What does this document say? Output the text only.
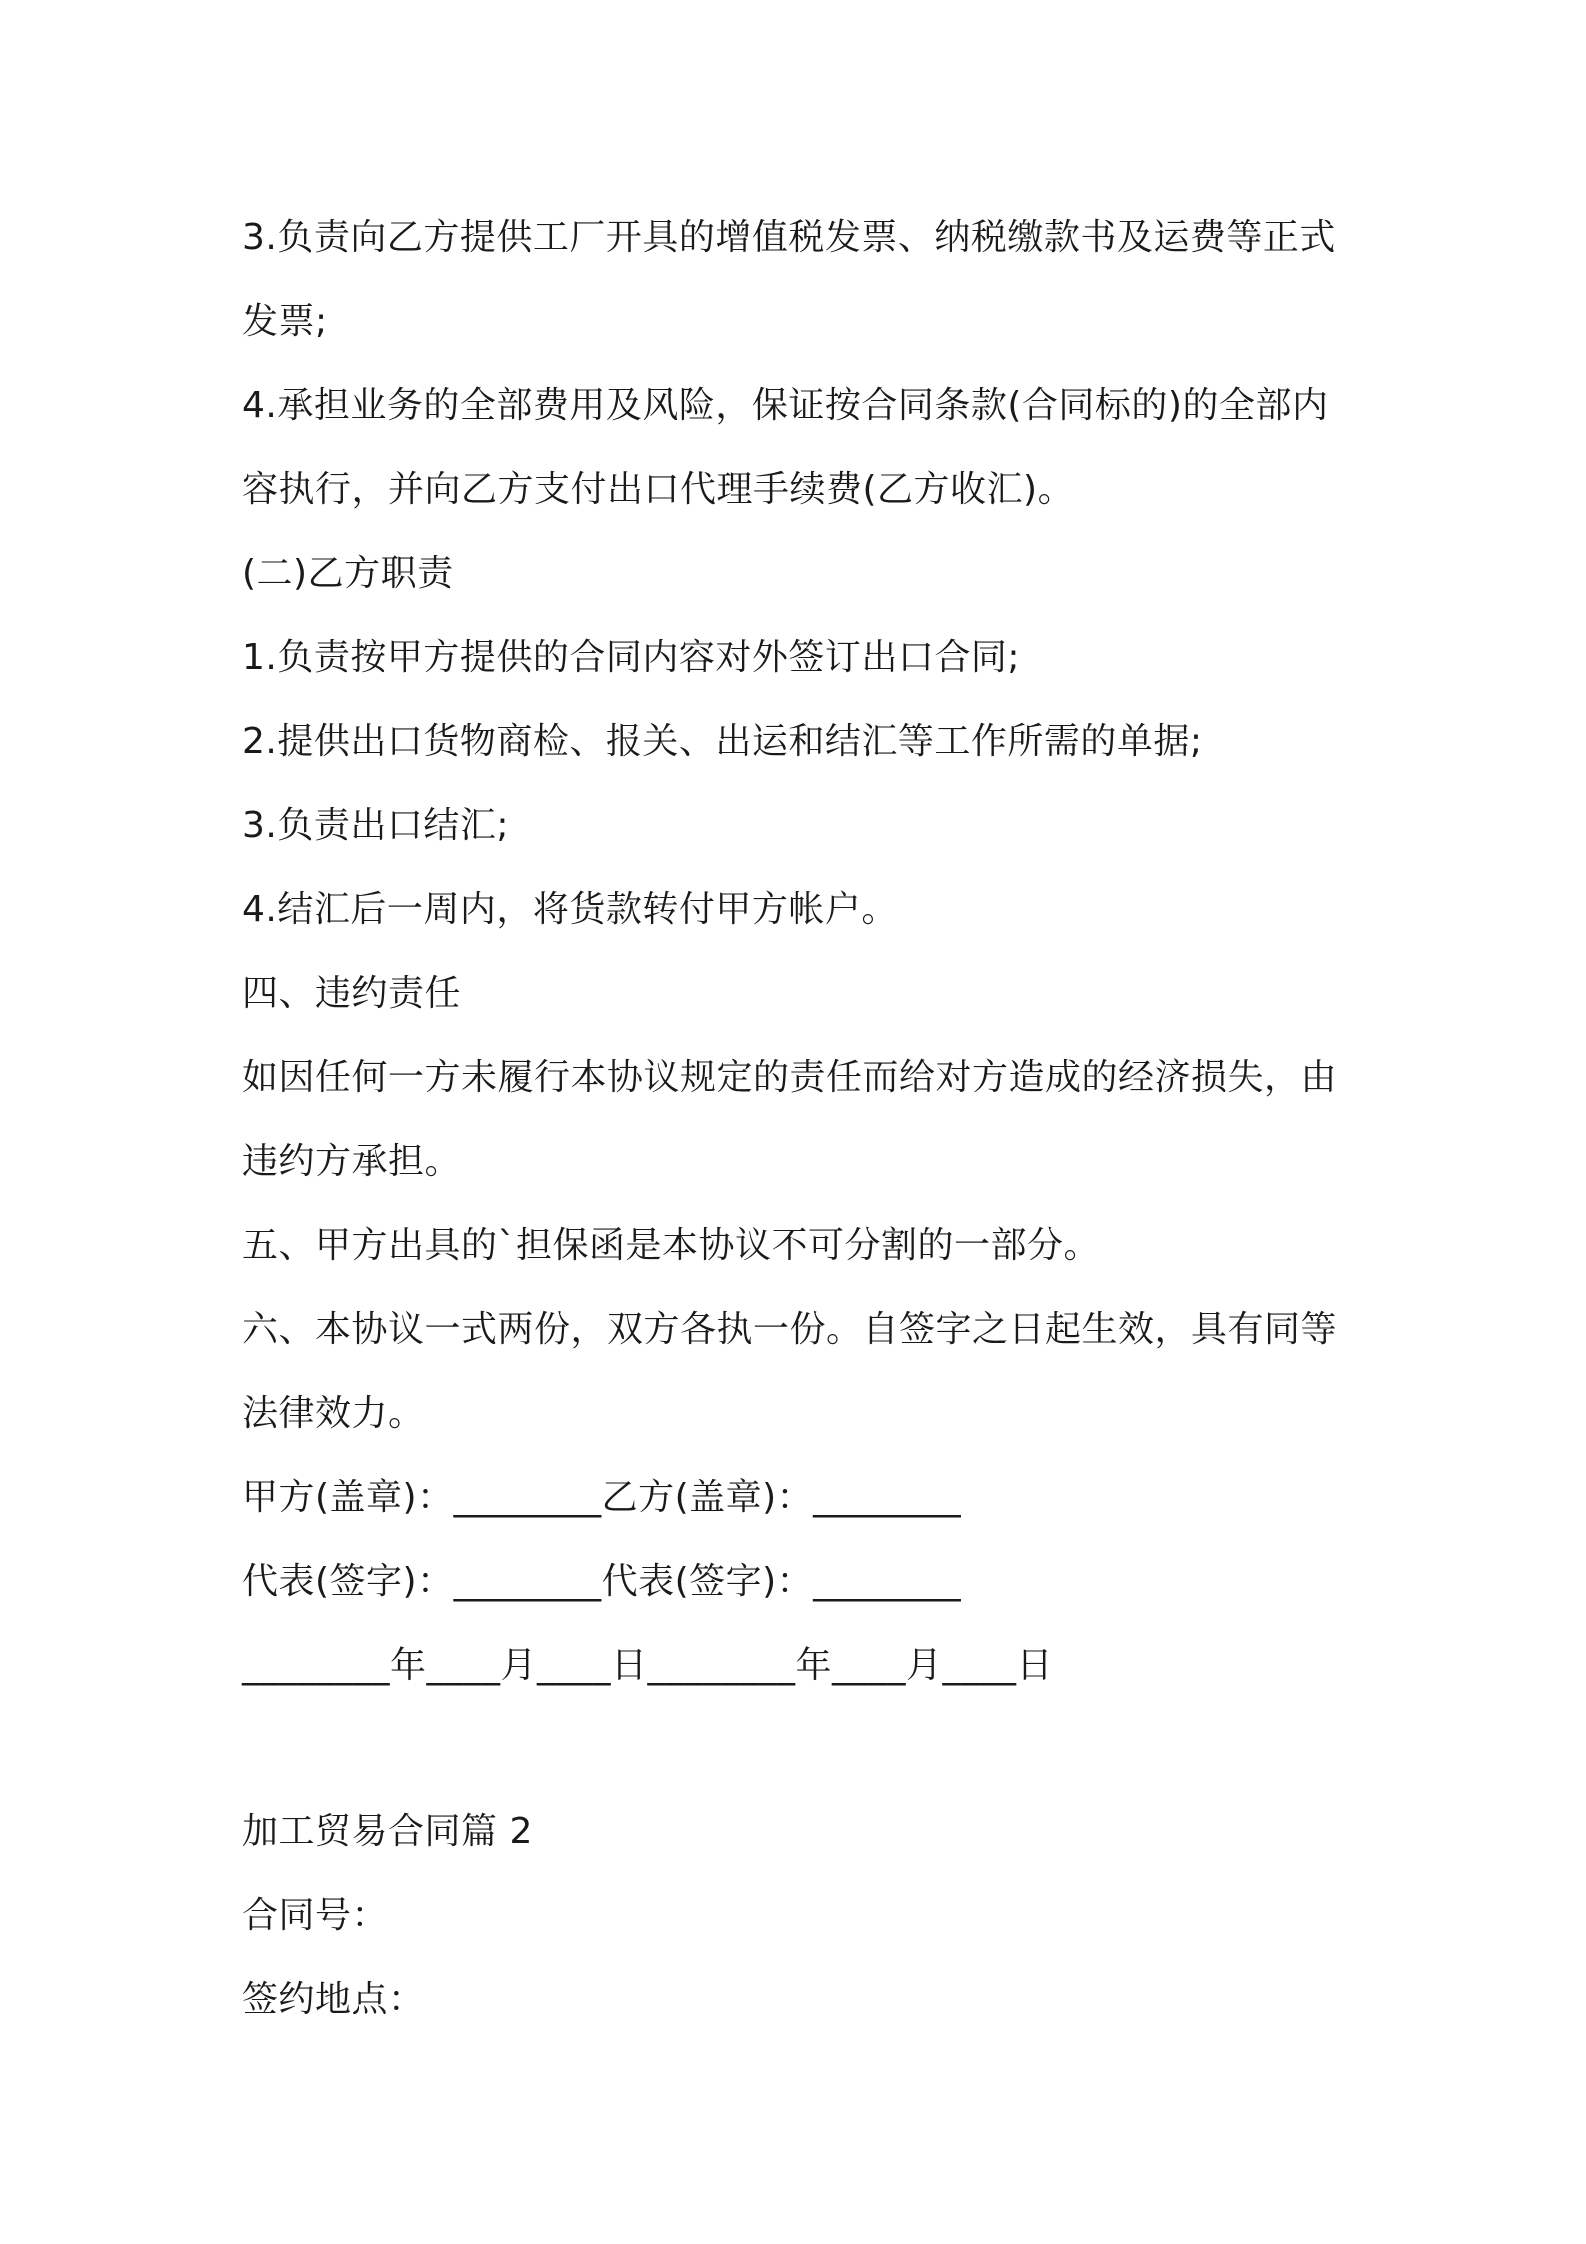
3.负责向乙方提供工厂开具的增值税发票、纳税缴款书及运费等正式
发票;
4.承担业务的全部费用及风险，保证按合同条款(合同标的)的全部内
容执行，并向乙方支付出口代理手续费(乙方收汇)。
(二)乙方职责
1.负责按甲方提供的合同内容对外签订出口合同;
2.提供出口货物商检、报关、出运和结汇等工作所需的单据;
3.负责出口结汇;
4.结汇后一周内，将货款转付甲方帐户。
四、违约责任
如因任何一方未履行本协议规定的责任而给对方造成的经济损失，由
违约方承担。
五、甲方出具的`担保函是本协议不可分割的一部分。
六、本协议一式两份，双方各执一份。自签字之日起生效，具有同等
法律效力。
甲方(盖章)：________乙方(盖章)：________
代表(签字)：________代表(签字)：________
________年____月____日________年____月____日
加工贸易合同篇 2
合同号：
签约地点：
